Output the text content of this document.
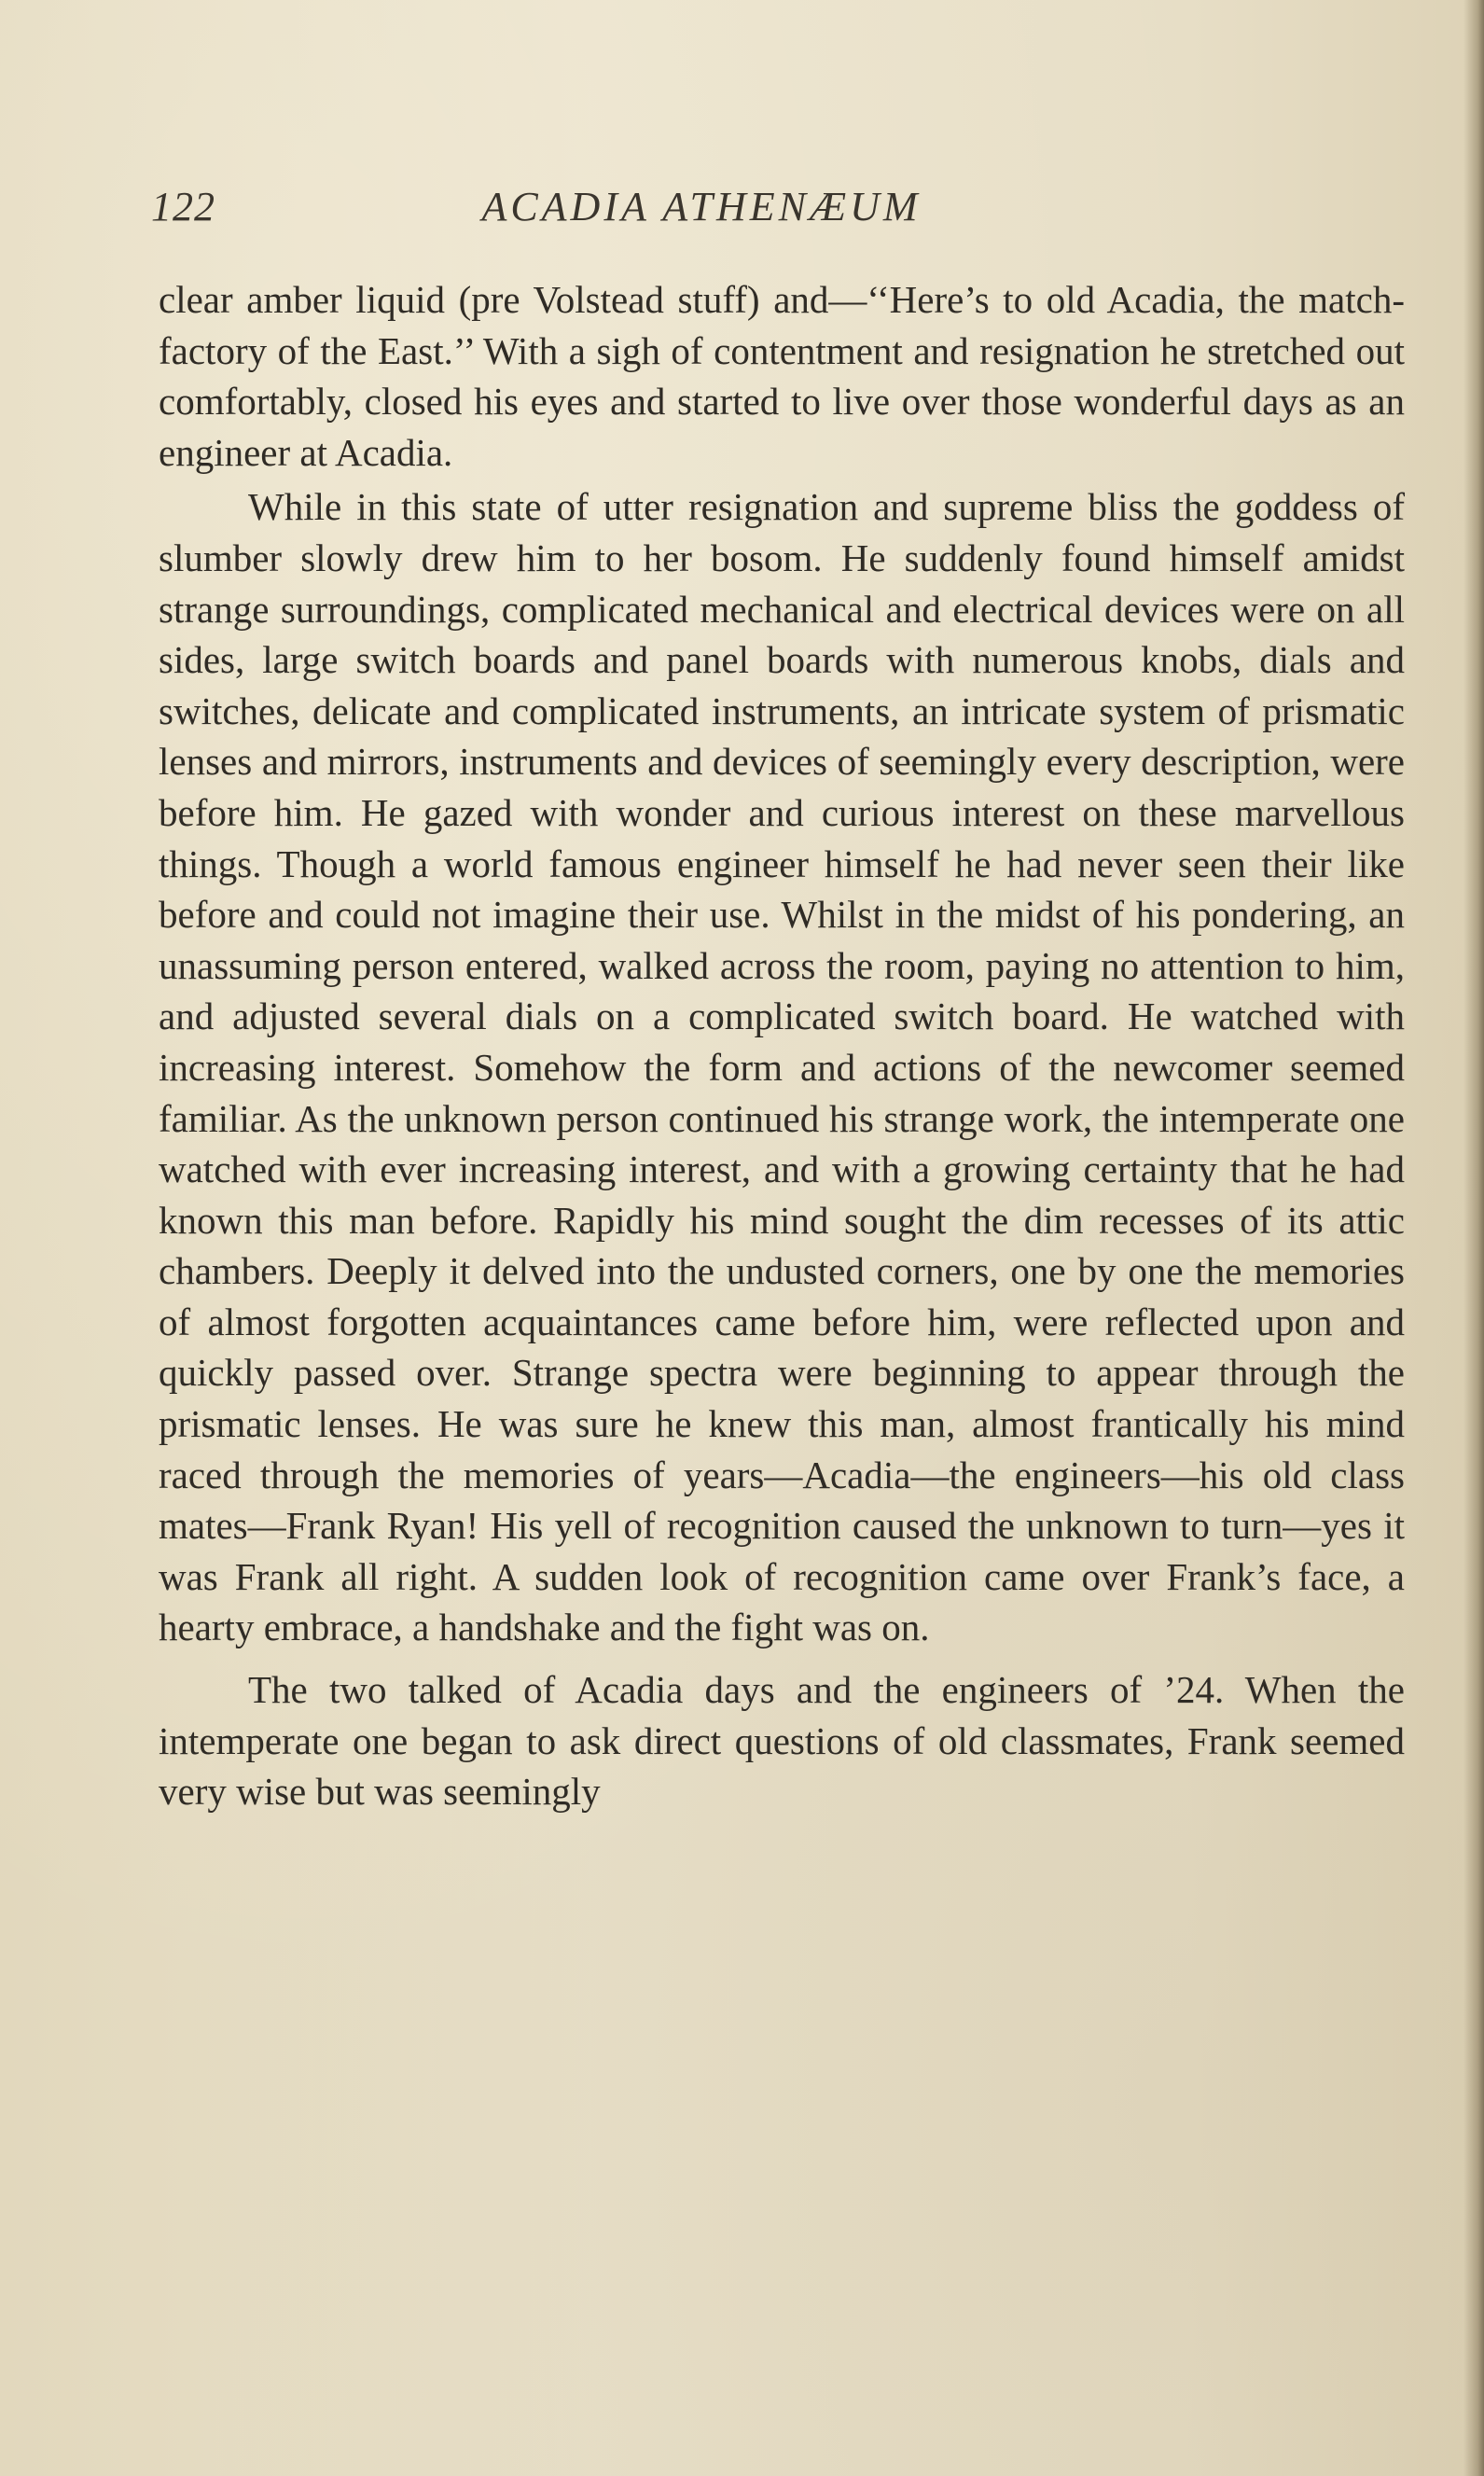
122	ACADIA ATHENÆUM

clear amber liquid (pre Volstead stuff) and—‘‘Here’s to old Acadia, the match-factory of the East.’’ With a sigh of contentment and resignation he stretched out comfortably, closed his eyes and started to live over those wonderful days as an engineer at Acadia.

While in this state of utter resignation and supreme bliss the goddess of slumber slowly drew him to her bosom. He suddenly found himself amidst strange surroundings, complicated mechanical and electrical devices were on all sides, large switch boards and panel boards with numerous knobs, dials and switches, delicate and complicated instruments, an intricate system of prismatic lenses and mirrors, instruments and devices of seemingly every description, were before him. He gazed with wonder and curious interest on these marvellous things. Though a world famous engineer himself he had never seen their like before and could not imagine their use. Whilst in the midst of his pondering, an unassuming person entered, walked across the room, paying no attention to him, and adjusted several dials on a complicated switch board. He watched with increasing interest. Somehow the form and actions of the newcomer seemed familiar. As the unknown person continued his strange work, the intemperate one watched with ever increasing interest, and with a growing certainty that he had known this man before. Rapidly his mind sought the dim recesses of its attic chambers. Deeply it delved into the undusted corners, one by one the memories of almost forgotten acquaintances came before him, were reflected upon and quickly passed over. Strange spectra were beginning to appear through the prismatic lenses. He was sure he knew this man, almost frantically his mind raced through the memories of years—Acadia—the engineers—his old class mates—Frank Ryan! His yell of recognition caused the unknown to turn—yes it was Frank all right. A sudden look of recognition came over Frank’s face, a hearty embrace, a handshake and the fight was on.

The two talked of Acadia days and the engineers of ’24. When the intemperate one began to ask direct questions of old classmates, Frank seemed very wise but was seemingly
